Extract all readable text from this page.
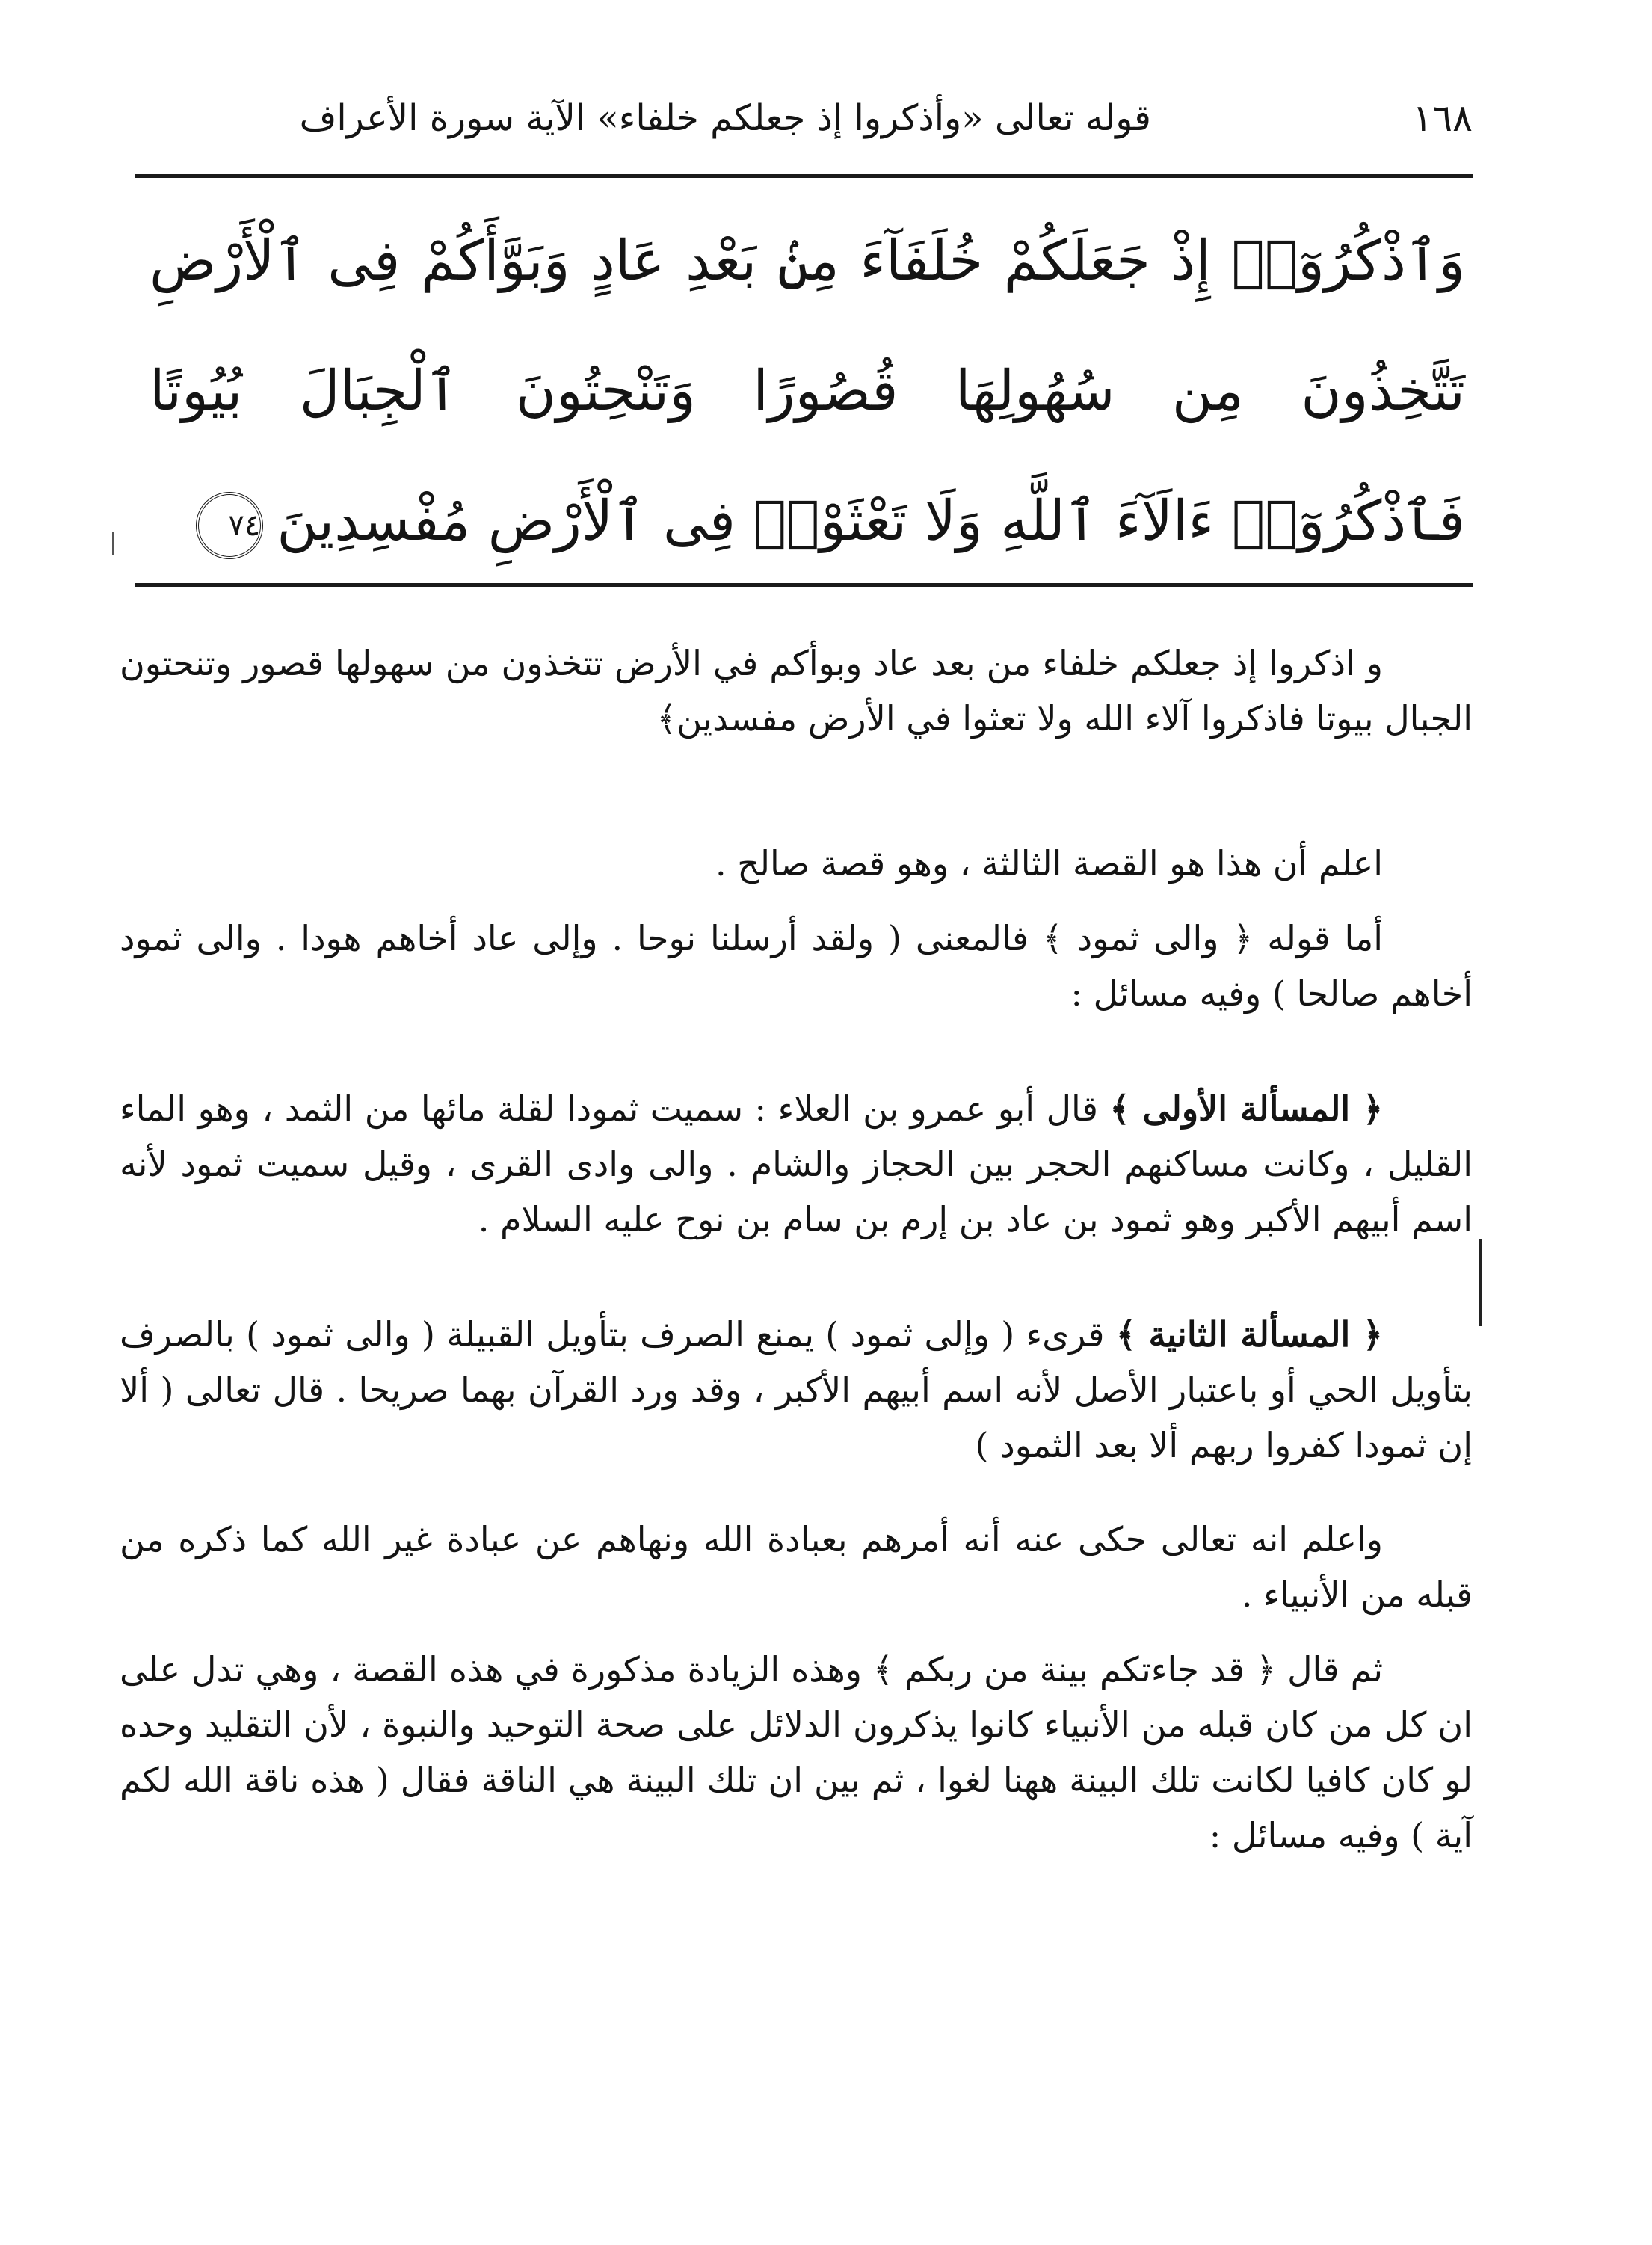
١٦٨
قوله تعالى «وأذكروا إذ جعلكم خلفاء» الآية سورة الأعراف
وَٱذْكُرُوٓا۟ إِذْ جَعَلَكُمْ خُلَفَآءَ مِنۢ بَعْدِ عَادٍ وَبَوَّأَكُمْ فِى ٱلْأَرْضِ تَتَّخِذُونَ مِن سُهُولِهَا قُصُورًا وَتَنْحِتُونَ ٱلْجِبَالَ بُيُوتًا فَٱذْكُرُوٓا۟ ءَالَآءَ ٱللَّهِ وَلَا تَعْثَوْا۟ فِى ٱلْأَرْضِ مُفْسِدِينَ٧٤

و اذكروا إذ جعلكم خلفاء من بعد عاد وبوأكم في الأرض تتخذون من سهولها قصور وتنحتون الجبال بيوتا فاذكروا آلاء الله ولا تعثوا في الأرض مفسدين﴾

اعلم أن هذا هو القصة الثالثة ، وهو قصة صالح .

أما قوله ﴿ والى ثمود ﴾ فالمعنى ( ولقد أرسلنا نوحا . وإلى عاد أخاهم هودا . والى ثمود أخاهم صالحا ) وفيه مسائل :

﴿ المسألة الأولى ﴾ قال أبو عمرو بن العلاء : سميت ثمودا لقلة مائها من الثمد ، وهو الماء القليل ، وكانت مساكنهم الحجر بين الحجاز والشام . والى وادى القرى ، وقيل سميت ثمود لأنه اسم أبيهم الأكبر وهو ثمود بن عاد بن إرم بن سام بن نوح عليه السلام .

﴿ المسألة الثانية ﴾ قرىء ( وإلى ثمود ) يمنع الصرف بتأويل القبيلة ( والى ثمود ) بالصرف بتأويل الحي أو باعتبار الأصل لأنه اسم أبيهم الأكبر ، وقد ورد القرآن بهما صريحا . قال تعالى ( ألا إن ثمودا كفروا ربهم ألا بعد الثمود )

واعلم انه تعالى حكى عنه أنه أمرهم بعبادة الله ونهاهم عن عبادة غير الله كما ذكره من قبله من الأنبياء .

ثم قال ﴿ قد جاءتكم بينة من ربكم ﴾ وهذه الزيادة مذكورة في هذه القصة ، وهي تدل على ان كل من كان قبله من الأنبياء كانوا يذكرون الدلائل على صحة التوحيد والنبوة ، لأن التقليد وحده لو كان كافيا لكانت تلك البينة ههنا لغوا ، ثم بين ان تلك البينة هي الناقة فقال ( هذه ناقة الله لكم آية ) وفيه مسائل :
